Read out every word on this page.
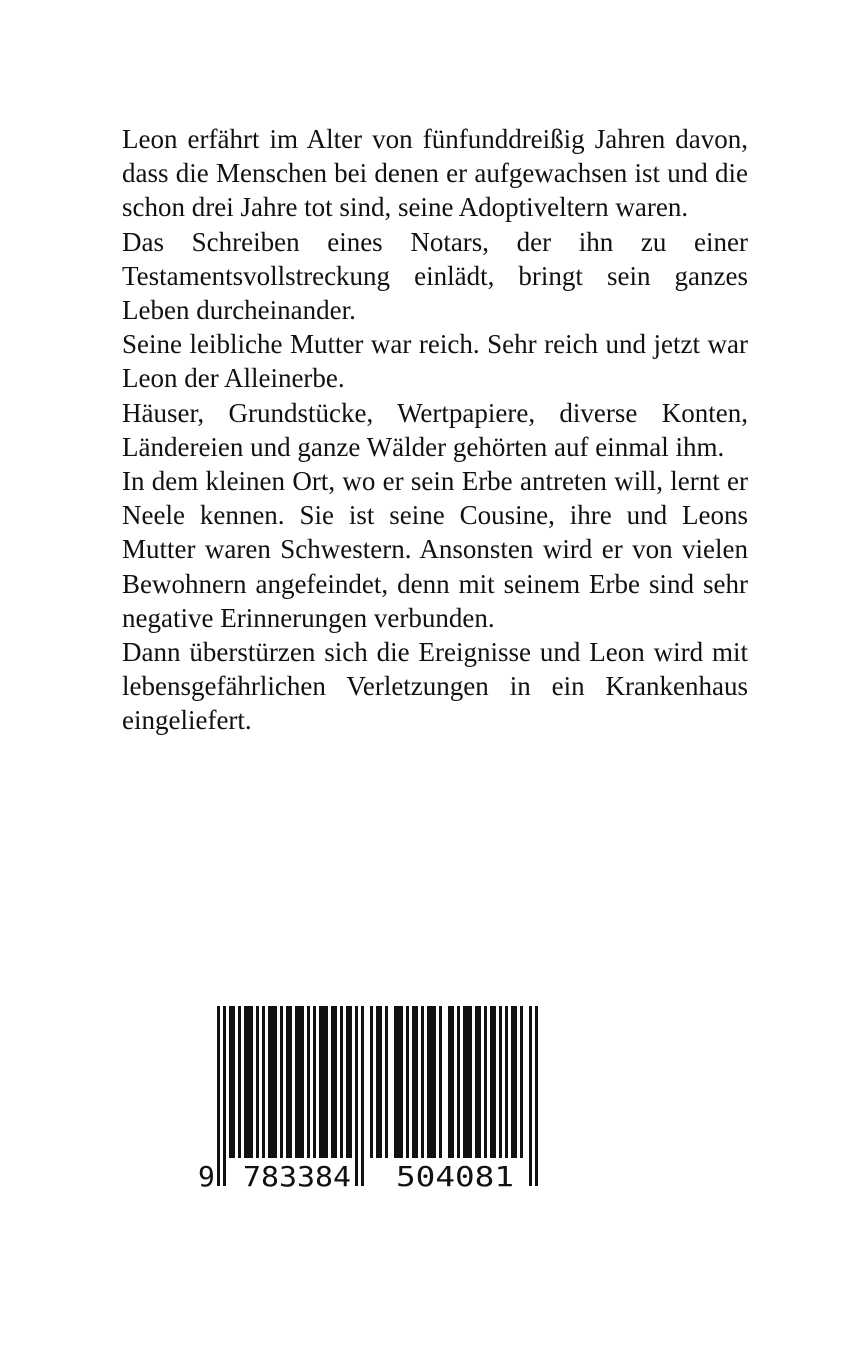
Leon erfährt im Alter von fünfunddreißig Jahren davon, dass die Menschen bei denen er aufgewachsen ist und die schon drei Jahre tot sind, seine Adoptiveltern waren.

Das Schreiben eines Notars, der ihn zu einer Testamentsvollstreckung einlädt, bringt sein ganzes Leben durcheinander.

Seine leibliche Mutter war reich. Sehr reich und jetzt war Leon der Alleinerbe.

Häuser, Grundstücke, Wertpapiere, diverse Konten, Ländereien und ganze Wälder gehörten auf einmal ihm.

In dem kleinen Ort, wo er sein Erbe antreten will, lernt er Neele kennen. Sie ist seine Cousine, ihre und Leons Mutter waren Schwestern. Ansonsten wird er von vielen Bewohnern angefeindet, denn mit seinem Erbe sind sehr negative Erinnerungen verbunden.

Dann überstürzen sich die Ereignisse und Leon wird mit lebensgefährlichen Verletzungen in ein Krankenhaus eingeliefert.

9 783384 504081
